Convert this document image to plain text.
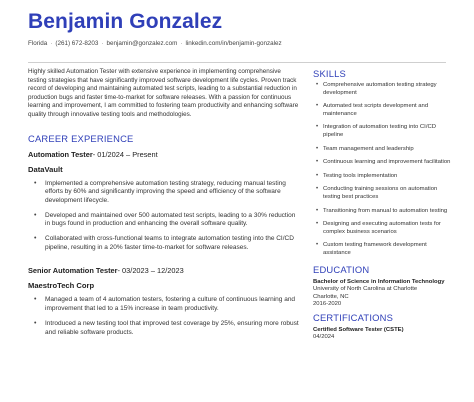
Benjamin Gonzalez
Florida · (261) 672-8203 · benjamin@gonzalez.com · linkedin.com/in/benjamin-gonzalez

Highly skilled Automation Tester with extensive experience in implementing comprehensive testing strategies that have significantly improved software development life cycles. Proven track record of developing and maintaining automated test scripts, leading to a substantial reduction in production bugs and faster time-to-market for software releases. With a passion for continuous learning and improvement, I am committed to fostering team productivity and enhancing software quality through innovative testing tools and methodologies.

CAREER EXPERIENCE
Automation Tester- 01/2024 – Present
DataVault
• Implemented a comprehensive automation testing strategy, reducing manual testing efforts by 60% and significantly improving the speed and efficiency of the software development lifecycle.
• Developed and maintained over 500 automated test scripts, leading to a 30% reduction in bugs found in production and enhancing the overall software quality.
• Collaborated with cross-functional teams to integrate automation testing into the CI/CD pipeline, resulting in a 20% faster time-to-market for software releases.
Senior Automation Tester- 03/2023 – 12/2023
MaestroTech Corp
• Managed a team of 4 automation testers, fostering a culture of continuous learning and improvement that led to a 15% increase in team productivity.
• Introduced a new testing tool that improved test coverage by 25%, ensuring more robust and reliable software products.
SKILLS
• Comprehensive automation testing strategy development
• Automated test scripts development and maintenance
• Integration of automation testing into CI/CD pipeline
• Team management and leadership
• Continuous learning and improvement facilitation
• Testing tools implementation
• Conducting training sessions on automation testing best practices
• Transitioning from manual to automation testing
• Designing and executing automation tests for complex business scenarios
• Custom testing framework development assistance
EDUCATION
Bachelor of Science in Information Technology
University of North Carolina at Charlotte
Charlotte, NC
2016-2020
CERTIFICATIONS
Certified Software Tester (CSTE)
04/2024
